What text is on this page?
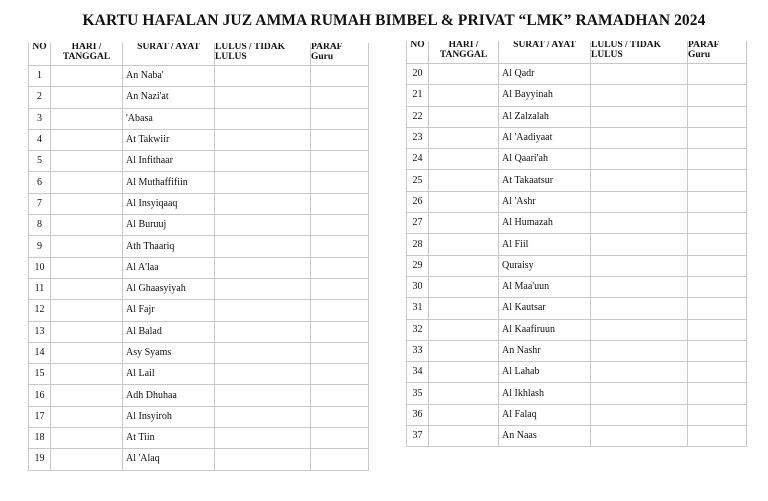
KARTU HAFALAN JUZ AMMA RUMAH BIMBEL & PRIVAT “LMK” RAMADHAN 2024
NO	HARI /
TANGGAL	SURAT / AYAT	LULUS / TIDAK
LULUS	PARAF
Guru
1		An Naba'		
2		An Nazi'at		
3		'Abasa		
4		At Takwiir		
5		Al Infithaar		
6		Al Muthaffifiin		
7		Al Insyiqaaq		
8		Al Buruuj		
9		Ath Thaariq		
10		Al A'laa		
11		Al Ghaasyiyah		
12		Al Fajr		
13		Al Balad		
14		Asy Syams		
15		Al Lail		
16		Adh Dhuhaa		
17		Al Insyiroh		
18		At Tiin		
19		Al 'Alaq		
NO	HARI /
TANGGAL	SURAT / AYAT	LULUS / TIDAK
LULUS	PARAF
Guru
20		Al Qadr		
21		Al Bayyinah		
22		Al Zalzalah		
23		Al 'Aadiyaat		
24		Al Qaari'ah		
25		At Takaatsur		
26		Al 'Ashr		
27		Al Humazah		
28		Al Fiil		
29		Quraisy		
30		Al Maa'uun		
31		Al Kautsar		
32		Al Kaafiruun		
33		An Nashr		
34		Al Lahab		
35		Al Ikhlash		
36		Al Falaq		
37		An Naas		
